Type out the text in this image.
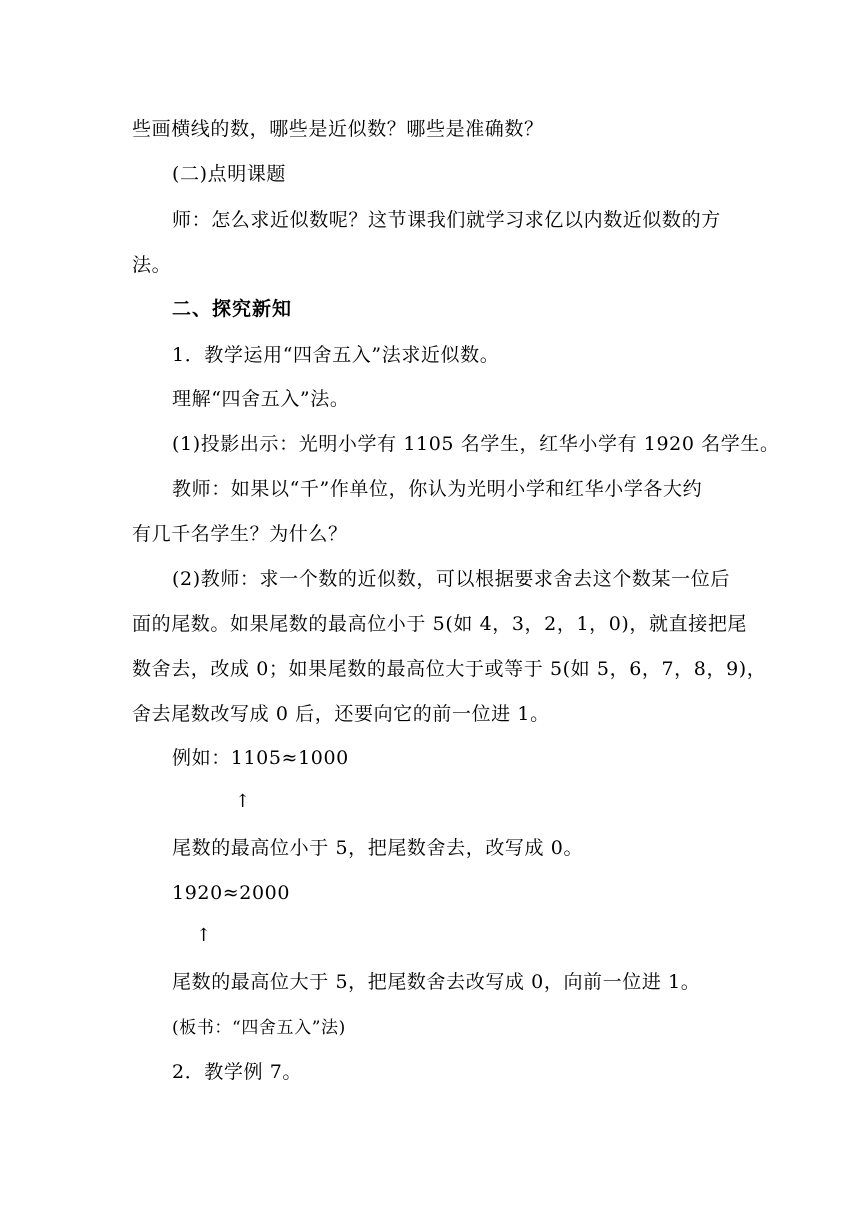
些画横线的数，哪些是近似数？哪些是准确数？
(二)点明课题
师：怎么求近似数呢？这节课我们就学习求亿以内数近似数的方
法。
二、探究新知
1．教学运用“四舍五入”法求近似数。
理解“四舍五入”法。
(1)投影出示：光明小学有 1105 名学生，红华小学有 1920 名学生。
教师：如果以“千”作单位，你认为光明小学和红华小学各大约
有几千名学生？为什么？
(2)教师：求一个数的近似数，可以根据要求舍去这个数某一位后
面的尾数。如果尾数的最高位小于 5(如 4，3，2，1，0)，就直接把尾
数舍去，改成 0；如果尾数的最高位大于或等于 5(如 5，6，7，8，9)，
舍去尾数改写成 0 后，还要向它的前一位进 1。
例如：1105≈1000
↑
尾数的最高位小于 5，把尾数舍去，改写成 0。
1920≈2000
↑
尾数的最高位大于 5，把尾数舍去改写成 0，向前一位进 1。
(板书：“四舍五入”法)
2．教学例 7。
